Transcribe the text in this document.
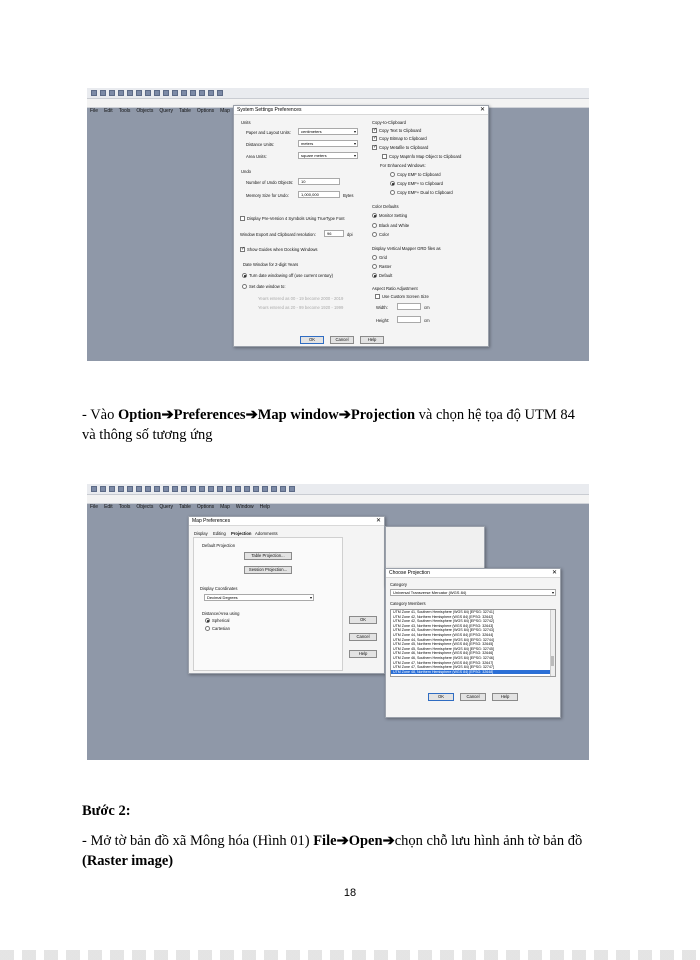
File Edit Tools Objects Query Table Options Map	System Settings Preferences	✕
Units
Paper and Layout Units:	centimeters ▾
Distance Units:	meters ▾
Area Units:	square meters ▾
Undo
Number of Undo Objects:	10
Memory Size for Undo:	1,000,000	Bytes
Display Pre-Version 4 Symbols Using TrueType Font
Window Export and Clipboard resolution:	96	dpi
✓
Show Guides when Docking Windows
Date Window for 2-digit Years
Turn date windowing off (use current century)
Set date window to:
Years entered as 00 - 19 become 2000 - 2019
Years entered as 20 - 99 become 1920 - 1999
Copy-to-Clipboard
✓
Copy Text to Clipboard
✓
Copy Bitmap to Clipboard
✓
Copy Metafile to Clipboard
Copy MapInfo Map Object to Clipboard
For Enhanced Windows:
Copy EMF to Clipboard
Copy EMF+ to Clipboard
Copy EMF+ Dual to Clipboard
Color Defaults
Monitor Setting
Black and White
Color
Display Vertical Mapper GRD files as
Grid
Raster
Default
Aspect Ratio Adjustment
Use Custom Screen Size
Width:	cm
Height:	cm
OK	Cancel	Help
- Vào Option➔Preferences➔Map window➔Projection và chọn hệ tọa độ UTM 84
và thông số tương ứng
File Edit Tools Objects Query Table Options Map Window Help
Map Preferences	✕
Display Editing Projection Adornments
Default Projection
Table Projection...
Session Projection...
Display Coordinates
Decimal Degrees ▾
Distance/Area using
Spherical
Cartesian
OK
Cancel
Help
Choose Projection	✕
Category
Universal Transverse Mercator (WGS 84) ▾
Category Members
UTM Zone 41, Southern Hemisphere (WGS 84) [EPSG: 32741]
UTM Zone 42, Northern Hemisphere (WGS 84) [EPSG: 32642]
UTM Zone 42, Southern Hemisphere (WGS 84) [EPSG: 32742]
UTM Zone 43, Northern Hemisphere (WGS 84) [EPSG: 32643]
UTM Zone 43, Southern Hemisphere (WGS 84) [EPSG: 32743]
UTM Zone 44, Northern Hemisphere (WGS 84) [EPSG: 32644]
UTM Zone 44, Southern Hemisphere (WGS 84) [EPSG: 32744]
UTM Zone 45, Northern Hemisphere (WGS 84) [EPSG: 32645]
UTM Zone 45, Southern Hemisphere (WGS 84) [EPSG: 32745]
UTM Zone 46, Northern Hemisphere (WGS 84) [EPSG: 32646]
UTM Zone 46, Southern Hemisphere (WGS 84) [EPSG: 32746]
UTM Zone 47, Northern Hemisphere (WGS 84) [EPSG: 32647]
UTM Zone 47, Southern Hemisphere (WGS 84) [EPSG: 32747]
UTM Zone 48, Northern Hemisphere (WGS 84) [EPSG: 32648]
OK	Cancel	Help
Bước 2:
- Mở tờ bản đồ xã Mông hóa (Hình 01) File➔Open➔chọn chỗ lưu hình ảnh tờ bản đồ
(Raster image)
18
